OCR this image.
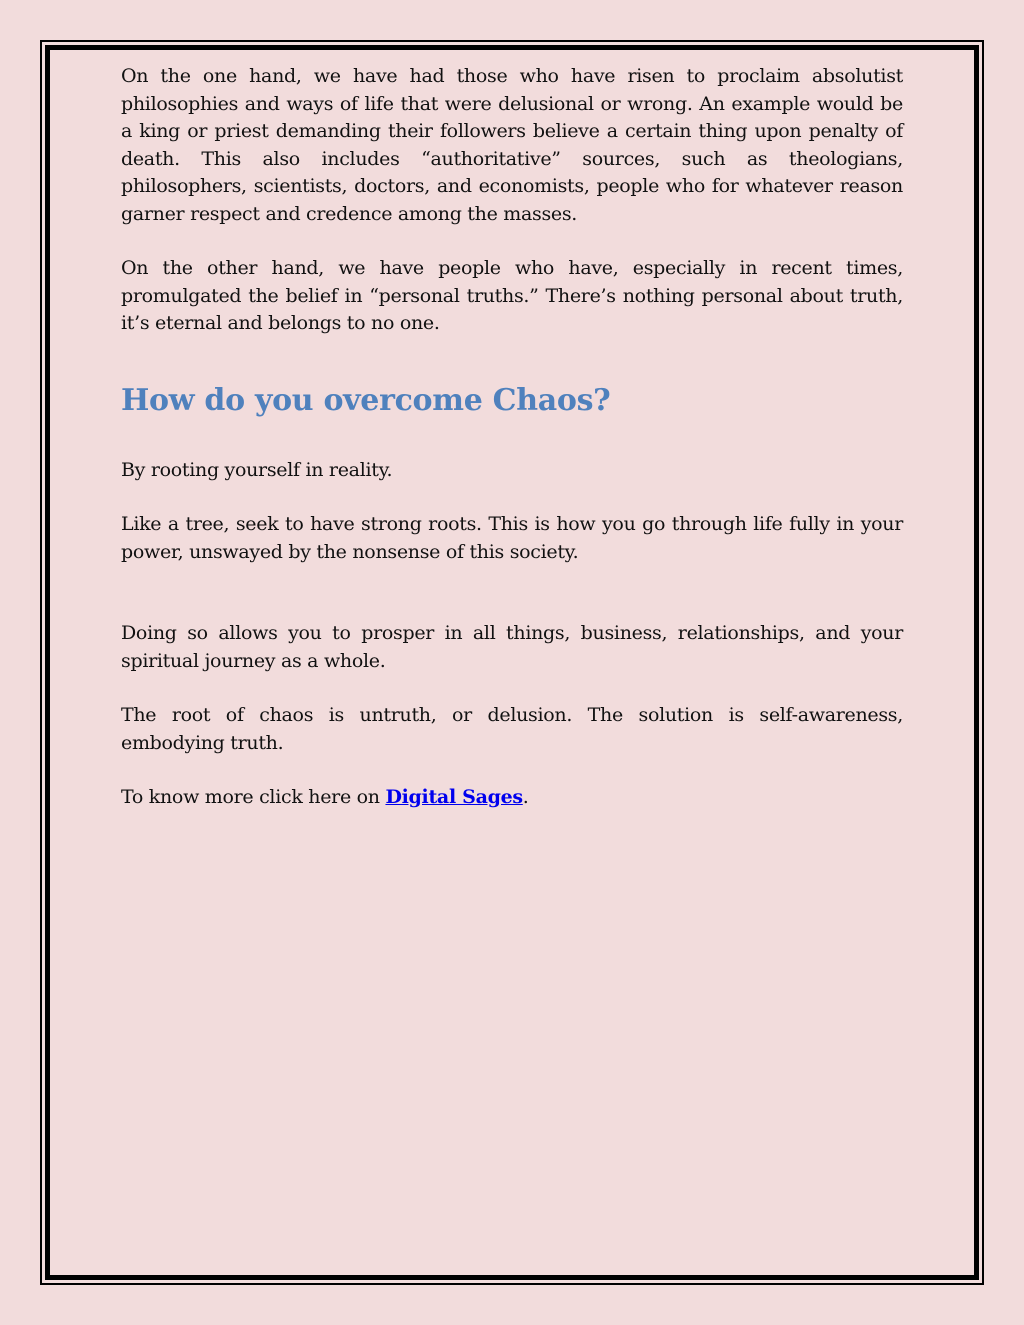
On the one hand, we have had those who have risen to proclaim absolutist philosophies and ways of life that were delusional or wrong. An example would be a king or priest demanding their followers believe a certain thing upon penalty of death. This also includes “authoritative” sources, such as theologians, philosophers, scientists, doctors, and economists, people who for whatever reason garner respect and credence among the masses.

On the other hand, we have people who have, especially in recent times, promulgated the belief in “personal truths.” There’s nothing personal about truth, it’s eternal and belongs to no one.

How do you overcome Chaos?

By rooting yourself in reality.

Like a tree, seek to have strong roots. This is how you go through life fully in your power, unswayed by the nonsense of this society.

Doing so allows you to prosper in all things, business, relationships, and your spiritual journey as a whole.

The root of chaos is untruth, or delusion. The solution is self-awareness, embodying truth.

To know more click here on Digital Sages.
